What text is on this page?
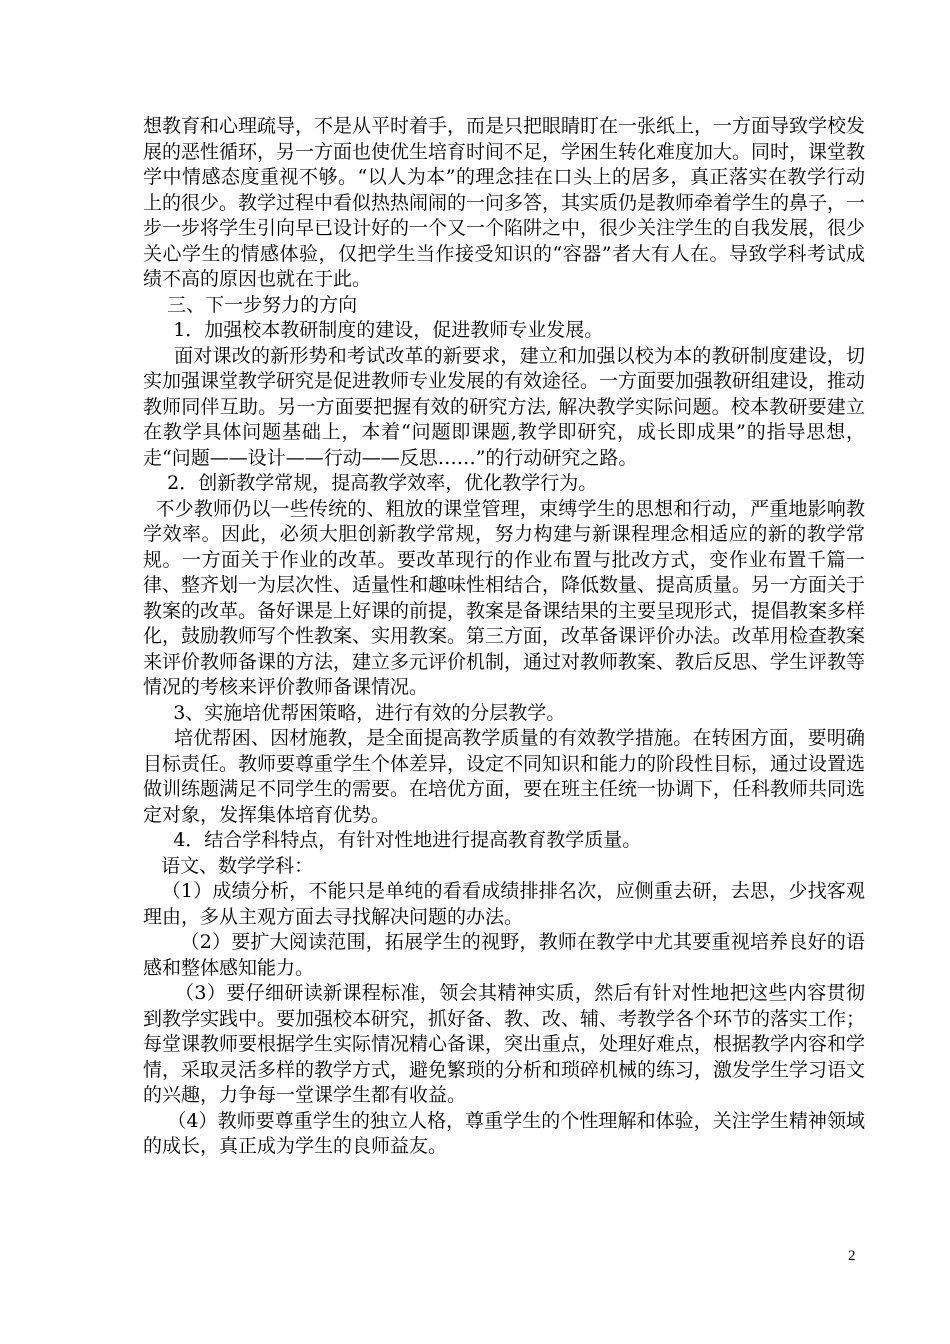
想教育和心理疏导，不是从平时着手，而是只把眼睛盯在一张纸上，一方面导致学校发展的恶性循环，另一方面也使优生培育时间不足，学困生转化难度加大。同时，课堂教学中情感态度重视不够。“以人为本”的理念挂在口头上的居多，真正落实在教学行动上的很少。教学过程中看似热热闹闹的一问多答，其实质仍是教师牵着学生的鼻子，一步一步将学生引向早已设计好的一个又一个陷阱之中，很少关注学生的自我发展，很少关心学生的情感体验，仅把学生当作接受知识的“容器”者大有人在。导致学科考试成绩不高的原因也就在于此。

三、下一步努力的方向

1．加强校本教研制度的建设，促进教师专业发展。

面对课改的新形势和考试改革的新要求，建立和加强以校为本的教研制度建设，切实加强课堂教学研究是促进教师专业发展的有效途径。一方面要加强教研组建设，推动教师同伴互助。另一方面要把握有效的研究方法, 解决教学实际问题。校本教研要建立在教学具体问题基础上，本着“问题即课题,教学即研究，成长即成果”的指导思想，走“问题——设计——行动——反思……”的行动研究之路。

2．创新教学常规，提高教学效率，优化教学行为。

不少教师仍以一些传统的、粗放的课堂管理，束缚学生的思想和行动，严重地影响教学效率。因此，必须大胆创新教学常规，努力构建与新课程理念相适应的新的教学常规。一方面关于作业的改革。要改革现行的作业布置与批改方式，变作业布置千篇一律、整齐划一为层次性、适量性和趣味性相结合，降低数量、提高质量。另一方面关于教案的改革。备好课是上好课的前提，教案是备课结果的主要呈现形式，提倡教案多样化，鼓励教师写个性教案、实用教案。第三方面，改革备课评价办法。改革用检查教案来评价教师备课的方法，建立多元评价机制，通过对教师教案、教后反思、学生评教等情况的考核来评价教师备课情况。

3、实施培优帮困策略，进行有效的分层教学。

培优帮困、因材施教，是全面提高教学质量的有效教学措施。在转困方面，要明确目标责任。教师要尊重学生个体差异，设定不同知识和能力的阶段性目标，通过设置选做训练题满足不同学生的需要。在培优方面，要在班主任统一协调下，任科教师共同选定对象，发挥集体培育优势。

4．结合学科特点，有针对性地进行提高教育教学质量。

语文、数学学科：

（1）成绩分析，不能只是单纯的看看成绩排排名次，应侧重去研，去思，少找客观理由，多从主观方面去寻找解决问题的办法。

（2）要扩大阅读范围，拓展学生的视野，教师在教学中尤其要重视培养良好的语感和整体感知能力。

（3）要仔细研读新课程标准，领会其精神实质，然后有针对性地把这些内容贯彻到教学实践中。要加强校本研究，抓好备、教、改、辅、考教学各个环节的落实工作；每堂课教师要根据学生实际情况精心备课，突出重点，处理好难点，根据教学内容和学情，采取灵活多样的教学方式，避免繁琐的分析和琐碎机械的练习，激发学生学习语文的兴趣，力争每一堂课学生都有收益。

（4）教师要尊重学生的独立人格，尊重学生的个性理解和体验，关注学生精神领域的成长，真正成为学生的良师益友。

2
